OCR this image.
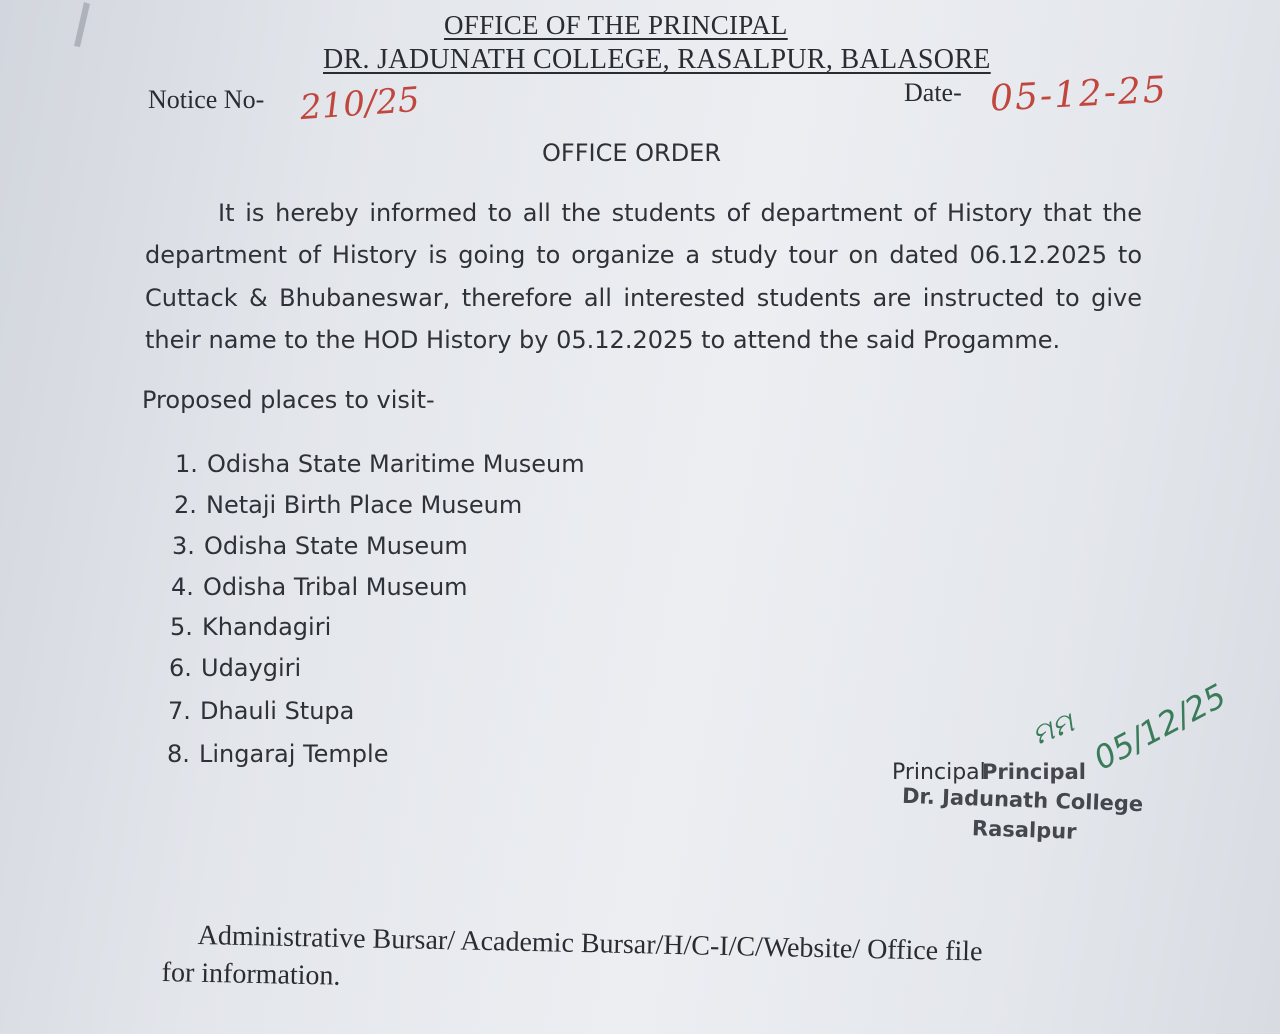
OFFICE OF THE PRINCIPAL
DR. JADUNATH COLLEGE, RASALPUR, BALASORE
Notice No- 210/25	Date- 05-12-25
OFFICE ORDER
It is hereby informed to all the students of department of History that the
department of History is going to organize a study tour on dated 06.12.2025 to
Cuttack & Bhubaneswar, therefore all interested students are instructed to give
their name to the HOD History by 05.12.2025 to attend the said Progamme.
Proposed places to visit-
1. Odisha State Maritime Museum
2. Netaji Birth Place Museum
3. Odisha State Museum
4. Odisha Tribal Museum
5. Khandagiri
6. Udaygiri
7. Dhauli Stupa
8. Lingaraj Temple
ମମ 05/12/25
Principal
Principal
Dr. Jadunath College
Rasalpur
Administrative Bursar/ Academic Bursar/H/C-I/C/Website/ Office file
for information.
